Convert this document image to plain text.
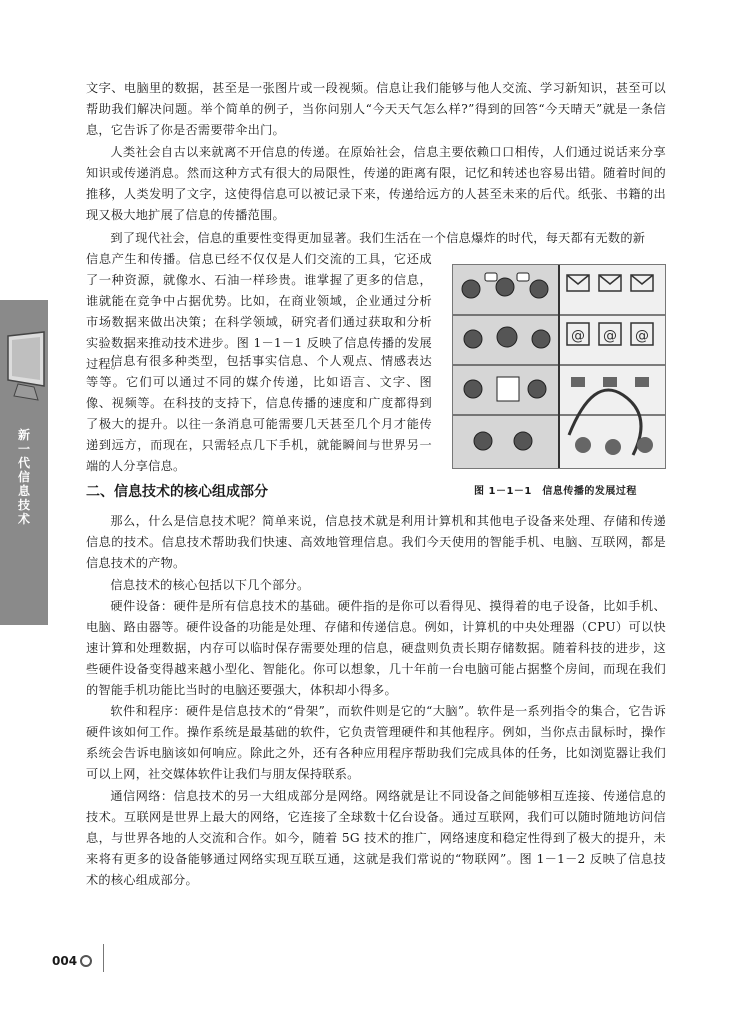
新一代信息技术

文字、电脑里的数据，甚至是一张图片或一段视频。信息让我们能够与他人交流、学习新知识，甚至可以帮助我们解决问题。举个简单的例子，当你问别人“今天天气怎么样?”得到的回答“今天晴天”就是一条信息，它告诉了你是否需要带伞出门。

人类社会自古以来就离不开信息的传递。在原始社会，信息主要依赖口口相传，人们通过说话来分享知识或传递消息。然而这种方式有很大的局限性，传递的距离有限，记忆和转述也容易出错。随着时间的推移，人类发明了文字，这使得信息可以被记录下来，传递给远方的人甚至未来的后代。纸张、书籍的出现又极大地扩展了信息的传播范围。

到了现代社会，信息的重要性变得更加显著。我们生活在一个信息爆炸的时代，每天都有无数的新

信息产生和传播。信息已经不仅仅是人们交流的工具，它还成了一种资源，就像水、石油一样珍贵。谁掌握了更多的信息，谁就能在竞争中占据优势。比如，在商业领域，企业通过分析市场数据来做出决策；在科学领域，研究者们通过获取和分析实验数据来推动技术进步。图 1－1－1 反映了信息传播的发展过程。

信息有很多种类型，包括事实信息、个人观点、情感表达等等。它们可以通过不同的媒介传递，比如语言、文字、图像、视频等。在科技的支持下，信息传播的速度和广度都得到了极大的提升。以往一条消息可能需要几天甚至几个月才能传递到远方，而现在，只需轻点几下手机，就能瞬间与世界另一端的人分享信息。

@ @ @
二、信息技术的核心组成部分	图 1－1－1　信息传播的发展过程

那么，什么是信息技术呢？简单来说，信息技术就是利用计算机和其他电子设备来处理、存储和传递信息的技术。信息技术帮助我们快速、高效地管理信息。我们今天使用的智能手机、电脑、互联网，都是信息技术的产物。

信息技术的核心包括以下几个部分。

硬件设备：硬件是所有信息技术的基础。硬件指的是你可以看得见、摸得着的电子设备，比如手机、电脑、路由器等。硬件设备的功能是处理、存储和传递信息。例如，计算机的中央处理器（CPU）可以快速计算和处理数据，内存可以临时保存需要处理的信息，硬盘则负责长期存储数据。随着科技的进步，这些硬件设备变得越来越小型化、智能化。你可以想象，几十年前一台电脑可能占据整个房间，而现在我们的智能手机功能比当时的电脑还要强大，体积却小得多。

软件和程序：硬件是信息技术的“骨架”，而软件则是它的“大脑”。软件是一系列指令的集合，它告诉硬件该如何工作。操作系统是最基础的软件，它负责管理硬件和其他程序。例如，当你点击鼠标时，操作系统会告诉电脑该如何响应。除此之外，还有各种应用程序帮助我们完成具体的任务，比如浏览器让我们可以上网，社交媒体软件让我们与朋友保持联系。

通信网络：信息技术的另一大组成部分是网络。网络就是让不同设备之间能够相互连接、传递信息的技术。互联网是世界上最大的网络，它连接了全球数十亿台设备。通过互联网，我们可以随时随地访问信息，与世界各地的人交流和合作。如今，随着 5G 技术的推广，网络速度和稳定性得到了极大的提升，未来将有更多的设备能够通过网络实现互联互通，这就是我们常说的“物联网”。图 1－1－2 反映了信息技术的核心组成部分。

004
